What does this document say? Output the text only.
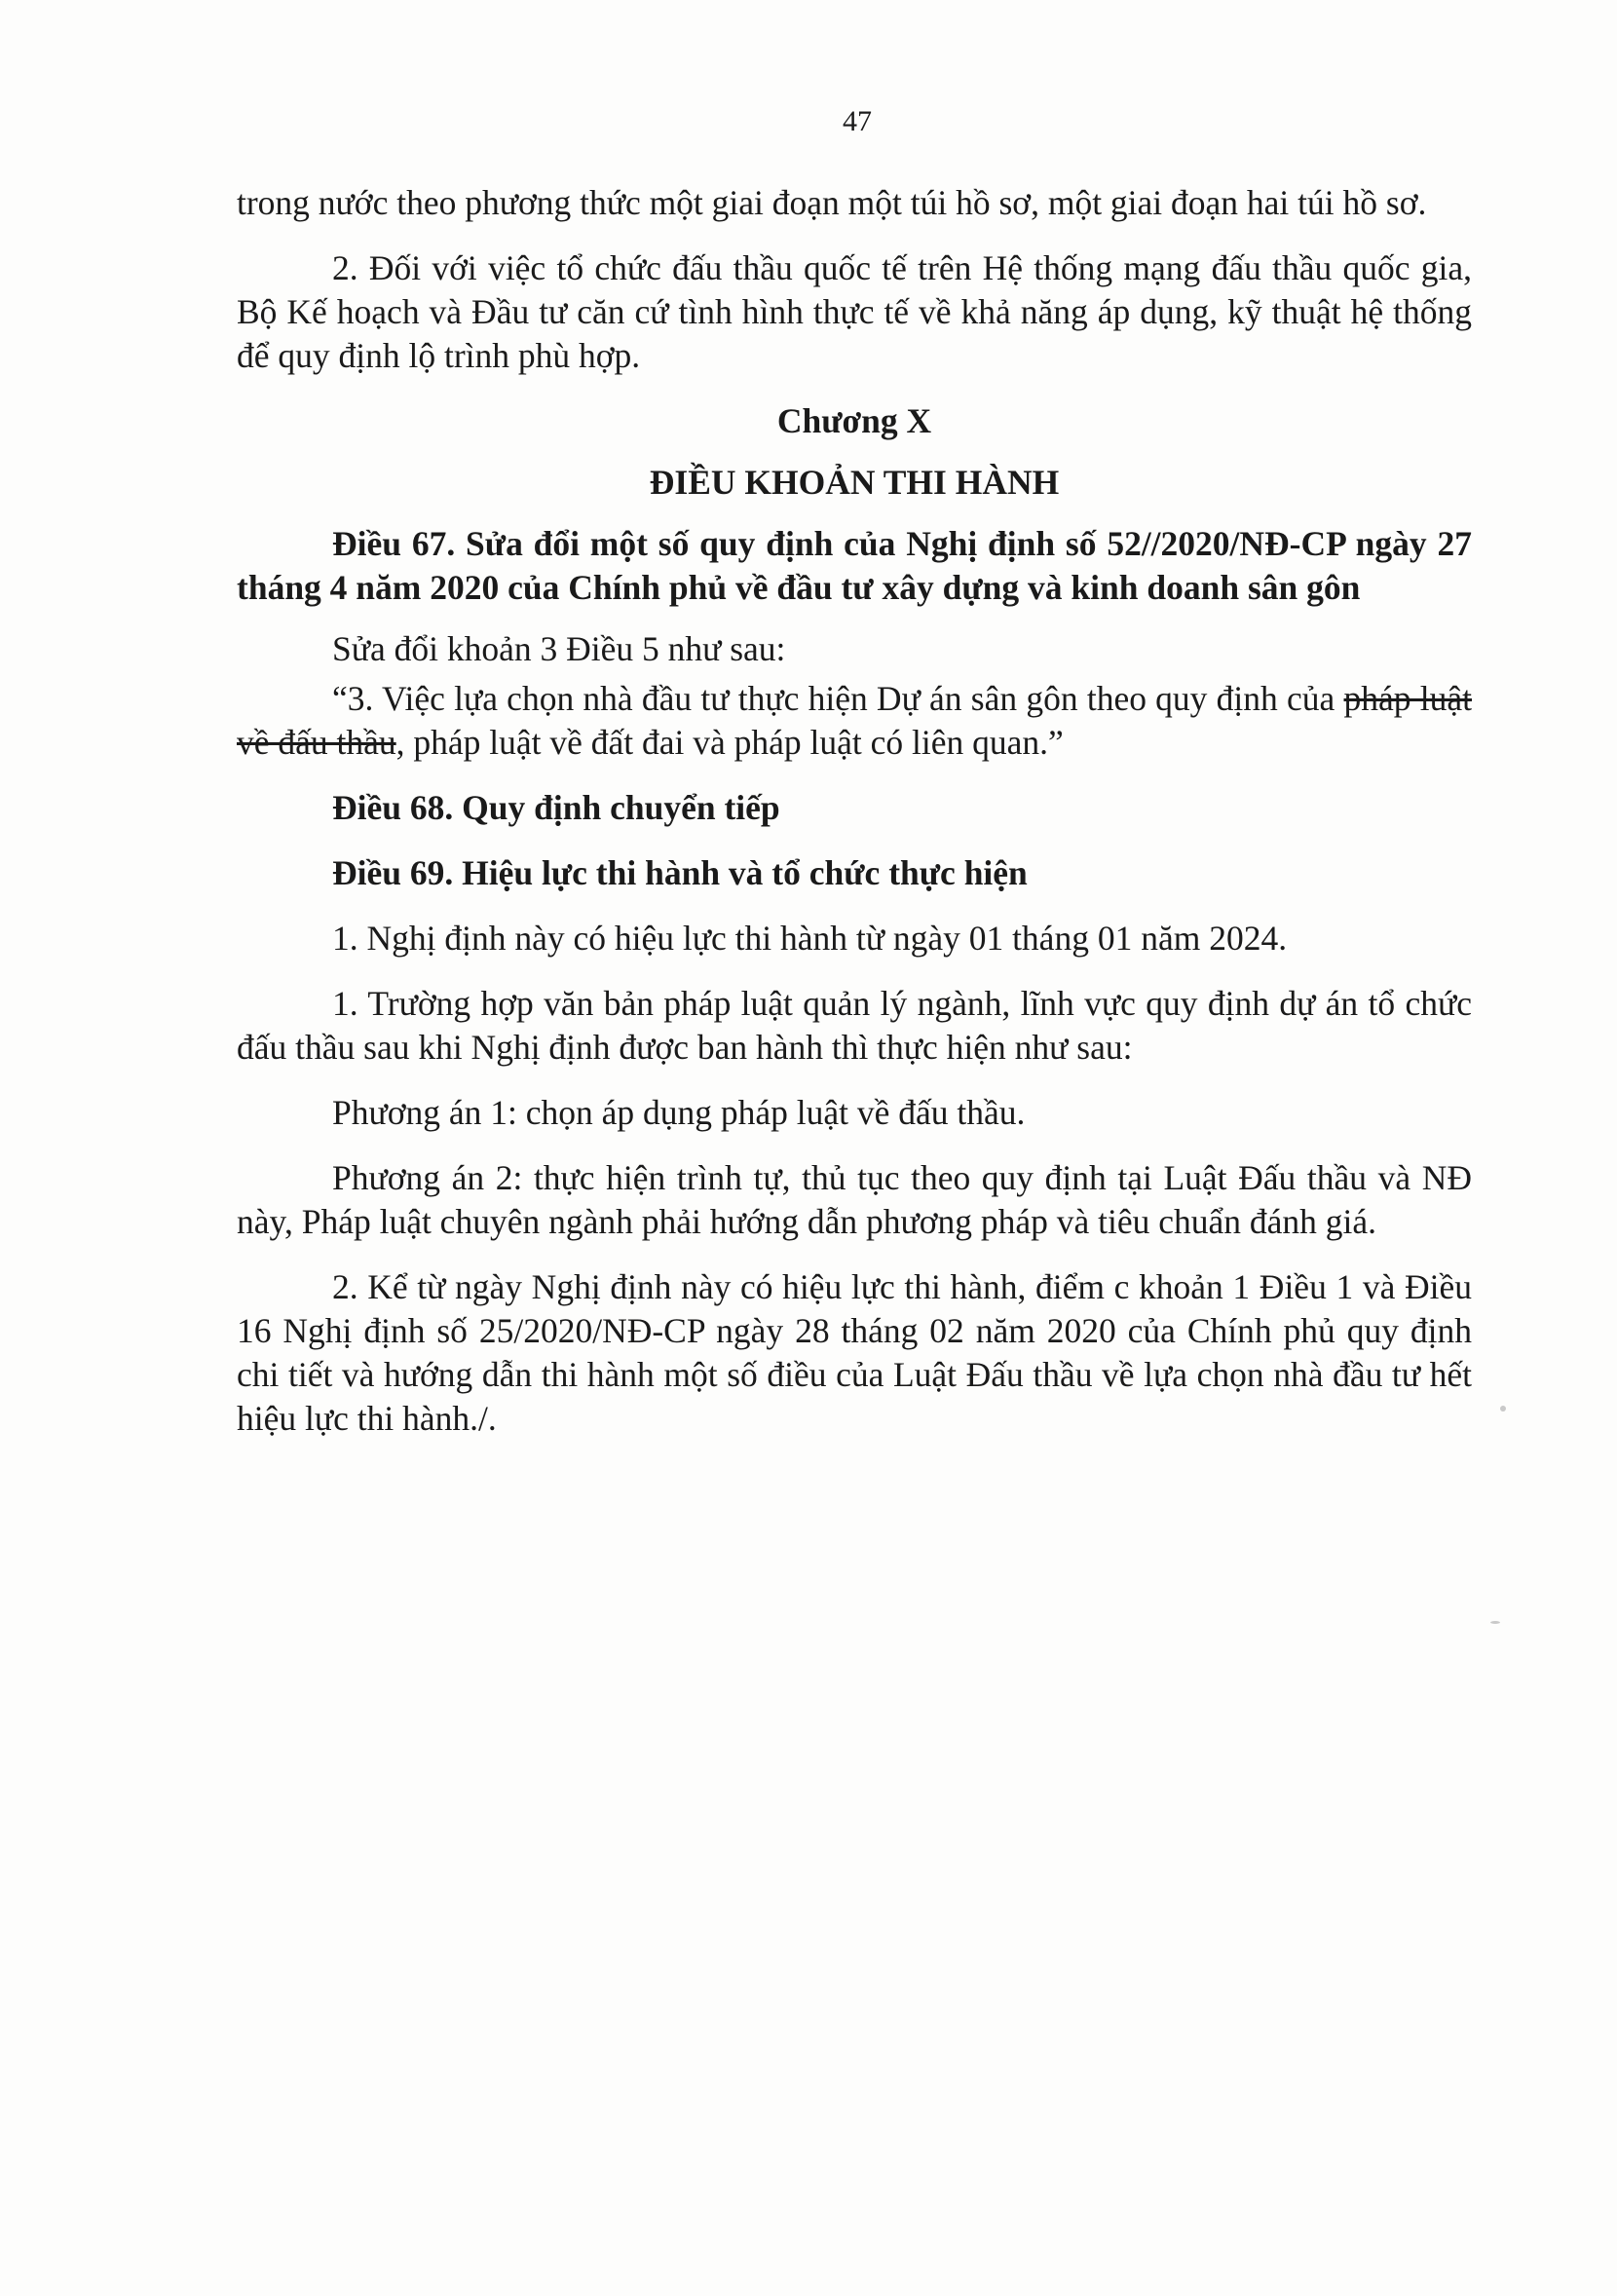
47

trong nước theo phương thức một giai đoạn một túi hồ sơ, một giai đoạn hai túi hồ sơ.

2. Đối với việc tổ chức đấu thầu quốc tế trên Hệ thống mạng đấu thầu quốc gia, Bộ Kế hoạch và Đầu tư căn cứ tình hình thực tế về khả năng áp dụng, kỹ thuật hệ thống để quy định lộ trình phù hợp.

Chương X

ĐIỀU KHOẢN THI HÀNH

Điều 67. Sửa đổi một số quy định của Nghị định số 52//2020/NĐ-CP ngày 27 tháng 4 năm 2020 của Chính phủ về đầu tư xây dựng và kinh doanh sân gôn

Sửa đổi khoản 3 Điều 5 như sau:

“3. Việc lựa chọn nhà đầu tư thực hiện Dự án sân gôn theo quy định của pháp luật về đấu thầu, pháp luật về đất đai và pháp luật có liên quan.”

Điều 68. Quy định chuyển tiếp

Điều 69. Hiệu lực thi hành và tổ chức thực hiện

1. Nghị định này có hiệu lực thi hành từ ngày 01 tháng 01 năm 2024.

1. Trường hợp văn bản pháp luật quản lý ngành, lĩnh vực quy định dự án tổ chức đấu thầu sau khi Nghị định được ban hành thì thực hiện như sau:

Phương án 1: chọn áp dụng pháp luật về đấu thầu.

Phương án 2: thực hiện trình tự, thủ tục theo quy định tại Luật Đấu thầu và NĐ này, Pháp luật chuyên ngành phải hướng dẫn phương pháp và tiêu chuẩn đánh giá.

2. Kể từ ngày Nghị định này có hiệu lực thi hành, điểm c khoản 1 Điều 1 và Điều 16 Nghị định số 25/2020/NĐ-CP ngày 28 tháng 02 năm 2020 của Chính phủ quy định chi tiết và hướng dẫn thi hành một số điều của Luật Đấu thầu về lựa chọn nhà đầu tư hết hiệu lực thi hành./.
